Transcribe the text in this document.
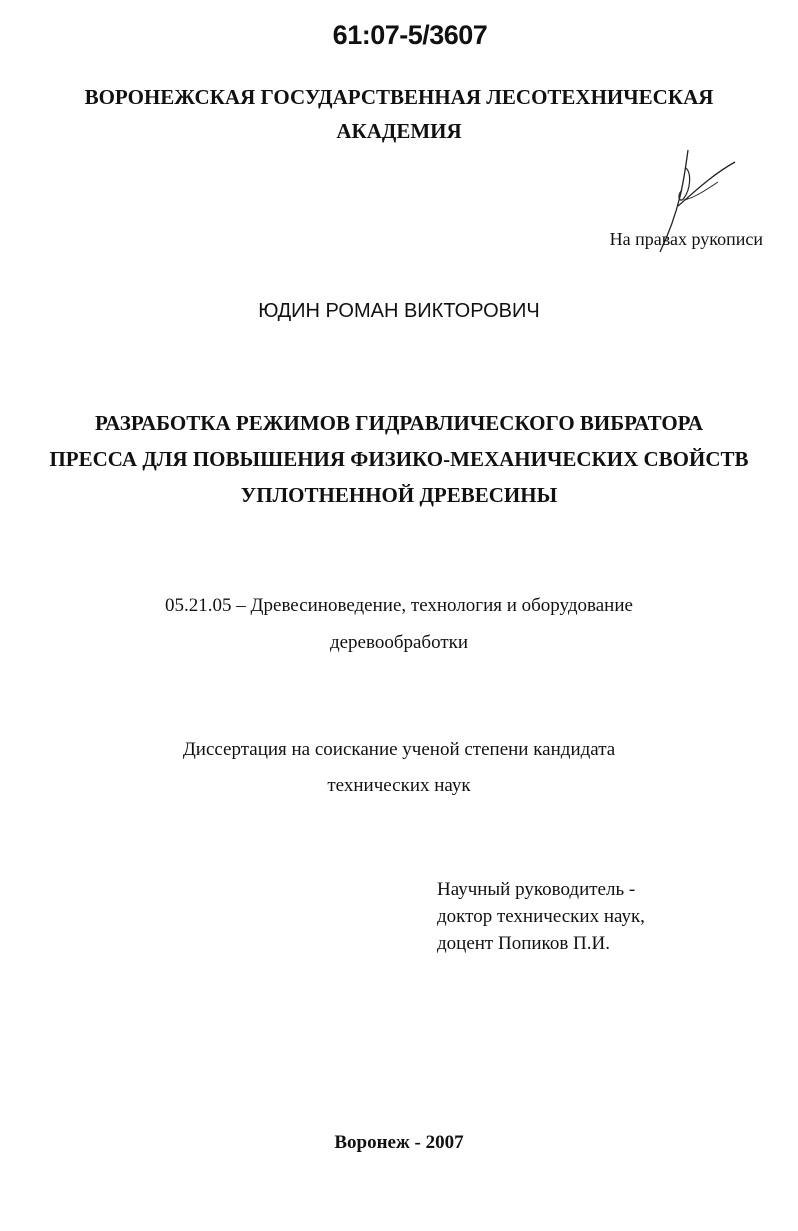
61:07-5/3607
ВОРОНЕЖСКАЯ ГОСУДАРСТВЕННАЯ ЛЕСОТЕХНИЧЕСКАЯ
АКАДЕМИЯ
На правах рукописи
ЮДИН РОМАН ВИКТОРОВИЧ
РАЗРАБОТКА РЕЖИМОВ ГИДРАВЛИЧЕСКОГО ВИБРАТОРА
ПРЕССА ДЛЯ ПОВЫШЕНИЯ ФИЗИКО-МЕХАНИЧЕСКИХ СВОЙСТВ
УПЛОТНЕННОЙ ДРЕВЕСИНЫ
05.21.05 – Древесиноведение, технология и оборудование
деревообработки
Диссертация на соискание ученой степени кандидата
технических наук
Научный руководитель -
доктор технических наук,
доцент Попиков П.И.
Воронеж - 2007
